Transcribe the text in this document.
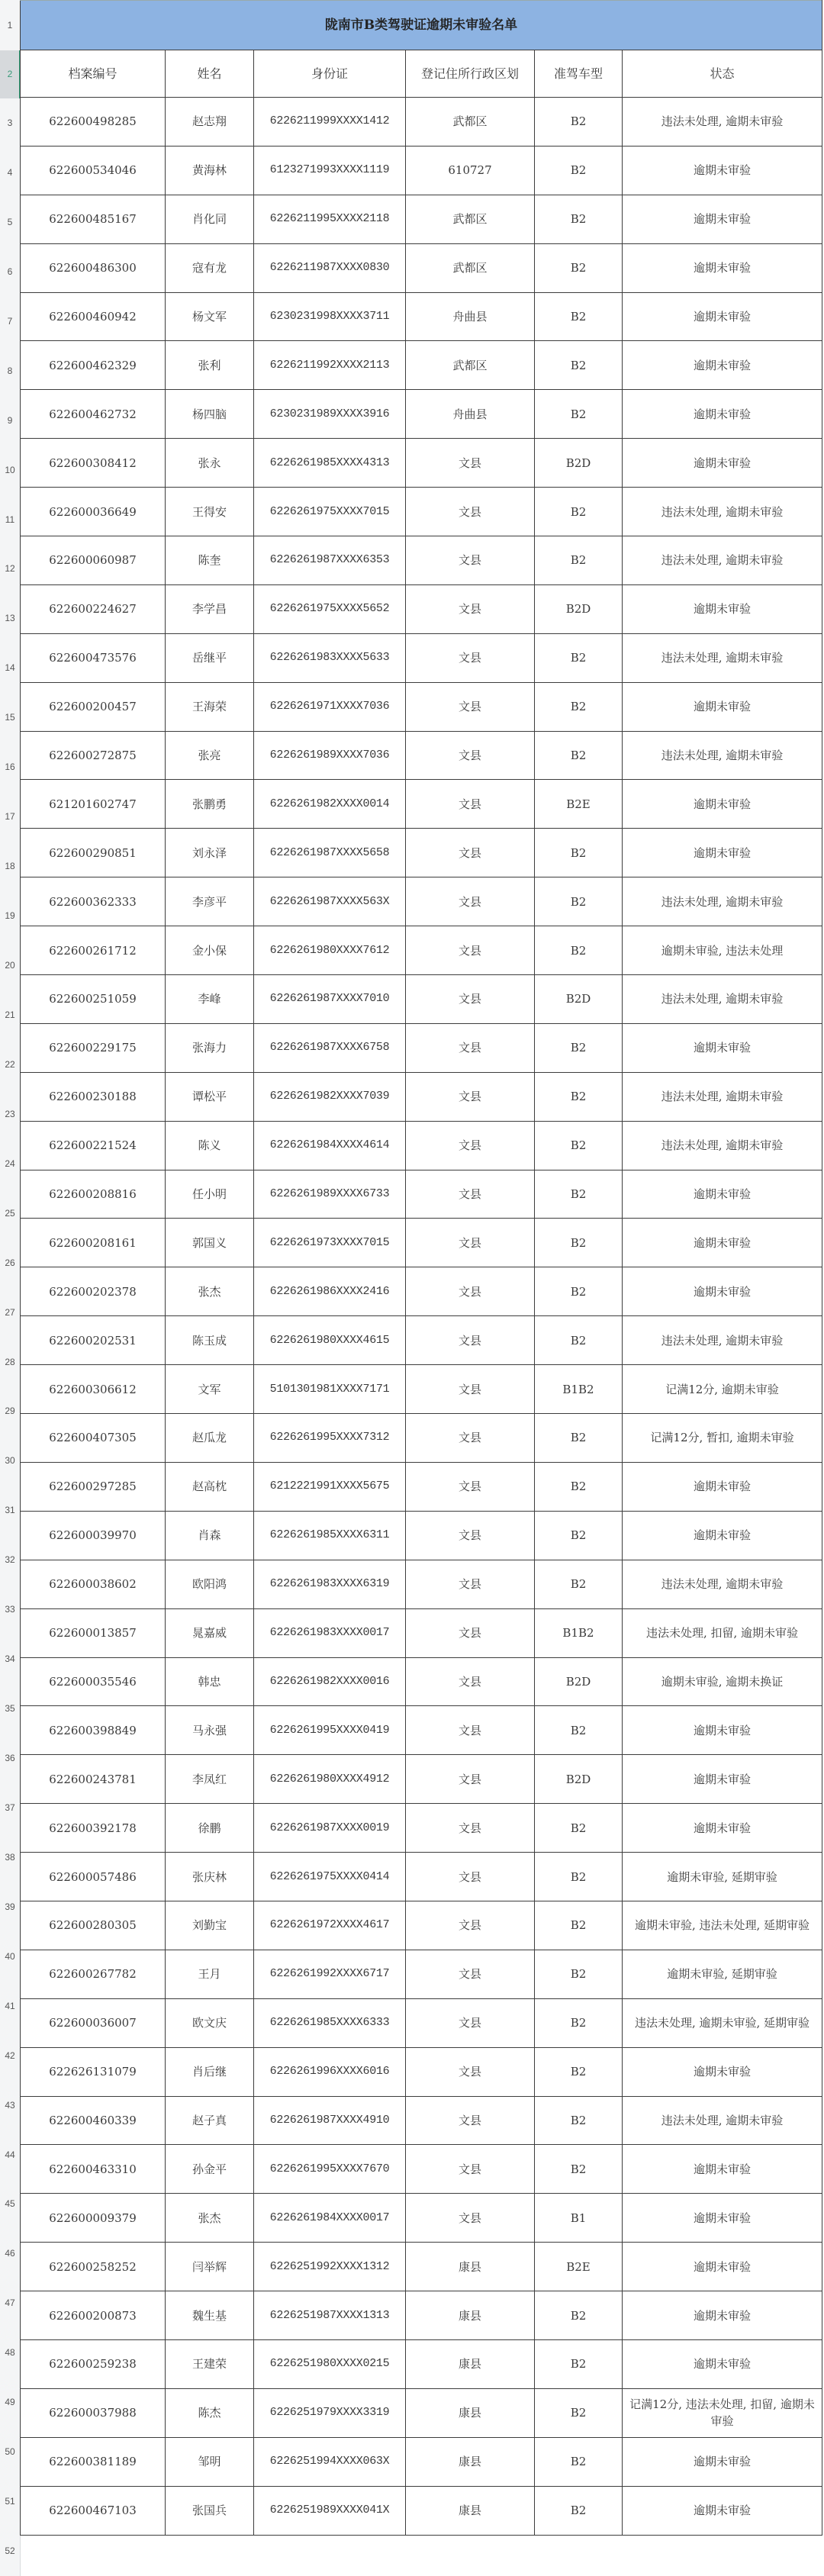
1
2
3
4
5
6
7
8
9
10
11
12
13
14
15
16
17
18
19
20
21
22
23
24
25
26
27
28
29
30
31
32
33
34
35
36
37
38
39
40
41
42
43
44
45
46
47
48
49
50
51
52
陇南市B类驾驶证逾期未审验名单					
档案编号	姓名	身份证	登记住所行政区划	准驾车型	状态
622600498285	赵志翔	6226211999XXXX1412	武都区	B2	违法未处理, 逾期未审验
622600534046	黄海林	6123271993XXXX1119	610727	B2	逾期未审验
622600485167	肖化同	6226211995XXXX2118	武都区	B2	逾期未审验
622600486300	寇有龙	6226211987XXXX0830	武都区	B2	逾期未审验
622600460942	杨文军	6230231998XXXX3711	舟曲县	B2	逾期未审验
622600462329	张利	6226211992XXXX2113	武都区	B2	逾期未审验
622600462732	杨四脑	6230231989XXXX3916	舟曲县	B2	逾期未审验
622600308412	张永	6226261985XXXX4313	文县	B2D	逾期未审验
622600036649	王得安	6226261975XXXX7015	文县	B2	违法未处理, 逾期未审验
622600060987	陈奎	6226261987XXXX6353	文县	B2	违法未处理, 逾期未审验
622600224627	李学昌	6226261975XXXX5652	文县	B2D	逾期未审验
622600473576	岳继平	6226261983XXXX5633	文县	B2	违法未处理, 逾期未审验
622600200457	王海荣	6226261971XXXX7036	文县	B2	逾期未审验
622600272875	张亮	6226261989XXXX7036	文县	B2	违法未处理, 逾期未审验
621201602747	张鹏勇	6226261982XXXX0014	文县	B2E	逾期未审验
622600290851	刘永泽	6226261987XXXX5658	文县	B2	逾期未审验
622600362333	李彦平	6226261987XXXX563X	文县	B2	违法未处理, 逾期未审验
622600261712	金小保	6226261980XXXX7612	文县	B2	逾期未审验, 违法未处理
622600251059	李峰	6226261987XXXX7010	文县	B2D	违法未处理, 逾期未审验
622600229175	张海力	6226261987XXXX6758	文县	B2	逾期未审验
622600230188	谭松平	6226261982XXXX7039	文县	B2	违法未处理, 逾期未审验
622600221524	陈义	6226261984XXXX4614	文县	B2	违法未处理, 逾期未审验
622600208816	任小明	6226261989XXXX6733	文县	B2	逾期未审验
622600208161	郭国义	6226261973XXXX7015	文县	B2	逾期未审验
622600202378	张杰	6226261986XXXX2416	文县	B2	逾期未审验
622600202531	陈玉成	6226261980XXXX4615	文县	B2	违法未处理, 逾期未审验
622600306612	文军	5101301981XXXX7171	文县	B1B2	记满12分, 逾期未审验
622600407305	赵瓜龙	6226261995XXXX7312	文县	B2	记满12分, 暂扣, 逾期未审验
622600297285	赵高枕	6212221991XXXX5675	文县	B2	逾期未审验
622600039970	肖森	6226261985XXXX6311	文县	B2	逾期未审验
622600038602	欧阳鸿	6226261983XXXX6319	文县	B2	违法未处理, 逾期未审验
622600013857	晁嘉威	6226261983XXXX0017	文县	B1B2	违法未处理, 扣留, 逾期未审验
622600035546	韩忠	6226261982XXXX0016	文县	B2D	逾期未审验, 逾期未换证
622600398849	马永强	6226261995XXXX0419	文县	B2	逾期未审验
622600243781	李凤红	6226261980XXXX4912	文县	B2D	逾期未审验
622600392178	徐鹏	6226261987XXXX0019	文县	B2	逾期未审验
622600057486	张庆林	6226261975XXXX0414	文县	B2	逾期未审验, 延期审验
622600280305	刘勤宝	6226261972XXXX4617	文县	B2	逾期未审验, 违法未处理, 延期审验
622600267782	王月	6226261992XXXX6717	文县	B2	逾期未审验, 延期审验
622600036007	欧文庆	6226261985XXXX6333	文县	B2	违法未处理, 逾期未审验, 延期审验
622626131079	肖后继	6226261996XXXX6016	文县	B2	逾期未审验
622600460339	赵子真	6226261987XXXX4910	文县	B2	违法未处理, 逾期未审验
622600463310	孙金平	6226261995XXXX7670	文县	B2	逾期未审验
622600009379	张杰	6226261984XXXX0017	文县	B1	逾期未审验
622600258252	闫举辉	6226251992XXXX1312	康县	B2E	逾期未审验
622600200873	魏生基	6226251987XXXX1313	康县	B2	逾期未审验
622600259238	王建荣	6226251980XXXX0215	康县	B2	逾期未审验
622600037988	陈杰	6226251979XXXX3319	康县	B2	记满12分, 违法未处理, 扣留, 逾期未审验
622600381189	邹明	6226251994XXXX063X	康县	B2	逾期未审验
622600467103	张国兵	6226251989XXXX041X	康县	B2	逾期未审验
